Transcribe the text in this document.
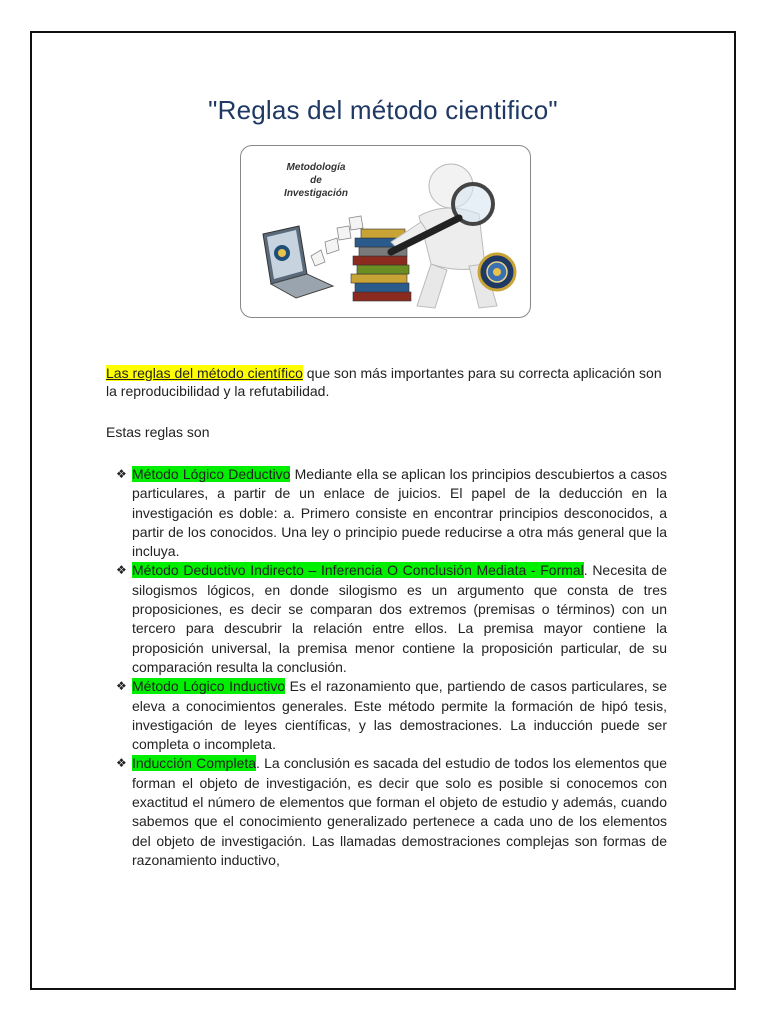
"Reglas del método cientifico"
Metodología
de
Investigación
Las reglas del método científico que son más importantes para su correcta aplicación son la reproducibilidad y la refutabilidad.
Estas reglas son
❖ Método Lógico Deductivo Mediante ella se aplican los principios descubiertos a casos particulares, a partir de un enlace de juicios. El papel de la deducción en la investigación es doble: a. Primero consiste en encontrar principios desconocidos, a partir de los conocidos. Una ley o principio puede reducirse a otra más general que la incluya.
❖ Método Deductivo Indirecto – Inferencia O Conclusión Mediata - Formal. Necesita de silogismos lógicos, en donde silogismo es un argumento que consta de tres proposiciones, es decir se comparan dos extremos (premisas o términos) con un tercero para descubrir la relación entre ellos. La premisa mayor contiene la proposición universal, la premisa menor contiene la proposición particular, de su comparación resulta la conclusión.
❖ Método Lógico Inductivo Es el razonamiento que, partiendo de casos particulares, se eleva a conocimientos generales. Este método permite la formación de hipó tesis, investigación de leyes científicas, y las demostraciones. La inducción puede ser completa o incompleta.
❖ Inducción Completa. La conclusión es sacada del estudio de todos los elementos que forman el objeto de investigación, es decir que solo es posible si conocemos con exactitud el número de elementos que forman el objeto de estudio y además, cuando sabemos que el conocimiento generalizado pertenece a cada uno de los elementos del objeto de investigación. Las llamadas demostraciones complejas son formas de razonamiento inductivo,
